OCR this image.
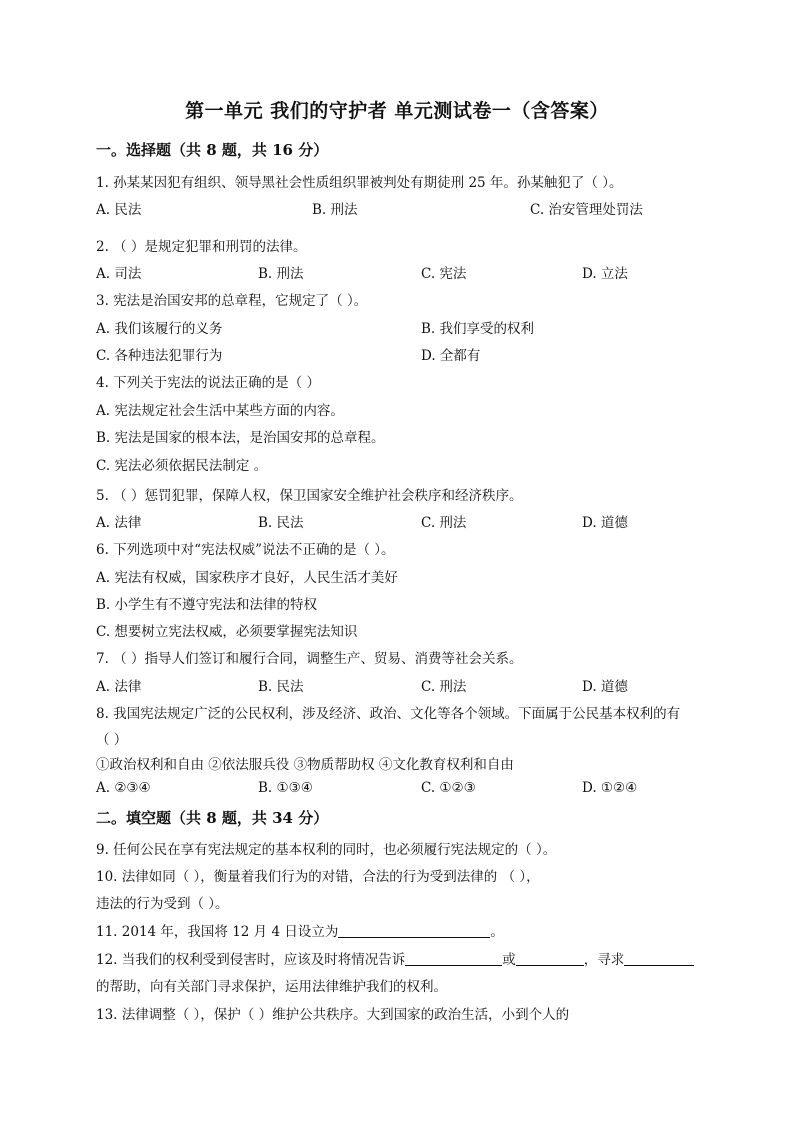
第一单元 我们的守护者 单元测试卷一（含答案）
一。选择题（共 8 题，共 16 分）
1. 孙某某因犯有组织、领导黑社会性质组织罪被判处有期徒刑 25 年。孙某触犯了（ ）。
A. 民法	B. 刑法	C. 治安管理处罚法
2. （ ）是规定犯罪和刑罚的法律。
A. 司法	B. 刑法	C. 宪法	D. 立法
3. 宪法是治国安邦的总章程，它规定了（ ）。
A. 我们该履行的义务	B. 我们享受的权利
C. 各种违法犯罪行为	D. 全都有
4. 下列关于宪法的说法正确的是（ ）
A. 宪法规定社会生活中某些方面的内容。
B. 宪法是国家的根本法，是治国安邦的总章程。
C. 宪法必须依据民法制定 。
5. （ ）惩罚犯罪，保障人权，保卫国家安全维护社会秩序和经济秩序。
A. 法律	B. 民法	C. 刑法	D. 道德
6. 下列选项中对“宪法权威”说法不正确的是（ ）。
A. 宪法有权威，国家秩序才良好，人民生活才美好
B. 小学生有不遵守宪法和法律的特权
C. 想要树立宪法权威，必须要掌握宪法知识
7. （ ）指导人们签订和履行合同，调整生产、贸易、消费等社会关系。
A. 法律	B. 民法	C. 刑法	D. 道德
8. 我国宪法规定广泛的公民权利，涉及经济、政治、文化等各个领域。下面属于公民基本权利的有
（ ）
①政治权利和自由 ②依法服兵役 ③物质帮助权 ④文化教育权利和自由
A. ②③④	B. ①③④	C. ①②③	D. ①②④
二。填空题（共 8 题，共 34 分）
9. 任何公民在享有宪法规定的基本权利的同时，也必须履行宪法规定的（ ）。
10. 法律如同（ ），衡量着我们行为的对错，合法的行为受到法律的 （ ），
违法的行为受到（ ）。
11. 2014 年，我国将 12 月 4 日设立为	。
12. 当我们的权利受到侵害时，应该及时将情况告诉	或	，寻求
的帮助，向有关部门寻求保护，运用法律维护我们的权利。
13. 法律调整（ ），保护（ ）维护公共秩序。大到国家的政治生活，小到个人的
